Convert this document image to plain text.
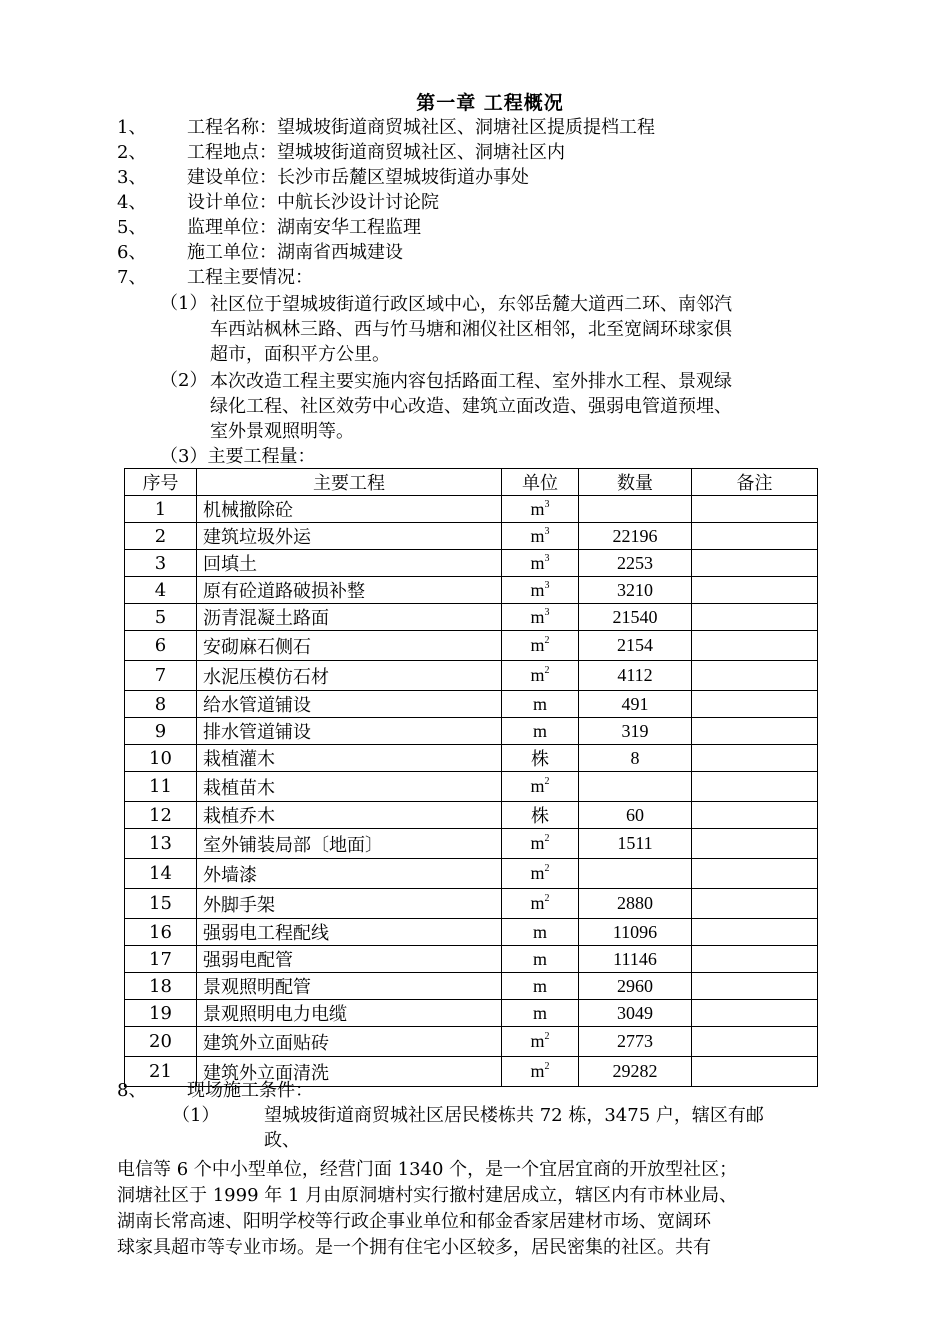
第一章 工程概况
1、 工程名称：望城坡街道商贸城社区、洞塘社区提质提档工程
2、 工程地点：望城坡街道商贸城社区、洞塘社区内
3、 建设单位：长沙市岳麓区望城坡街道办事处
4、 设计单位：中航长沙设计讨论院
5、 监理单位：湖南安华工程监理
6、 施工单位：湖南省西城建设
7、 工程主要情况：
（1） 社区位于望城坡街道行政区域中心，东邻岳麓大道西二环、南邻汽
车西站枫林三路、西与竹马塘和湘仪社区相邻，北至宽阔环球家俱
超市，面积平方公里。
（2） 本次改造工程主要实施内容包括路面工程、室外排水工程、景观绿
绿化工程、社区效劳中心改造、建筑立面改造、强弱电管道预埋、
室外景观照明等。
（3）主要工程量：
序号	主要工程	单位	数量	备注
1	机械撤除砼	$m^3$		
2	建筑垃圾外运	$m^3$	22196	
3	回填土	$m^3$	2253	
4	原有砼道路破损补整	$m^3$	3210	
5	沥青混凝土路面	$m^3$	21540	
6	安砌麻石侧石	$m^2$	2154	
7	水泥压模仿石材	$m^2$	4112	
8	给水管道铺设	m	491	
9	排水管道铺设	m	319	
10	栽植灌木	株	8	
11	栽植苗木	$m^2$		
12	栽植乔木	株	60	
13	室外铺装局部〔地面〕	$m^2$	1511	
14	外墙漆	$m^2$		
15	外脚手架	$m^2$	2880	
16	强弱电工程配线	m	11096	
17	强弱电配管	m	11146	
18	景观照明配管	m	2960	
19	景观照明电力电缆	m	3049	
20	建筑外立面贴砖	$m^2$	2773	
21	建筑外立面清洗	$m^2$	29282	
8、 现场施工条件：
（1） 望城坡街道商贸城社区居民楼栋共 72 栋，3475 户，辖区有邮
政、
电信等 6 个中小型单位，经营门面 1340 个，是一个宜居宜商的开放型社区；
洞塘社区于 1999 年 1 月由原洞塘村实行撤村建居成立，辖区内有市林业局、
湖南长常高速、阳明学校等行政企事业单位和郁金香家居建材市场、宽阔环
球家具超市等专业市场。是一个拥有住宅小区较多，居民密集的社区。共有
